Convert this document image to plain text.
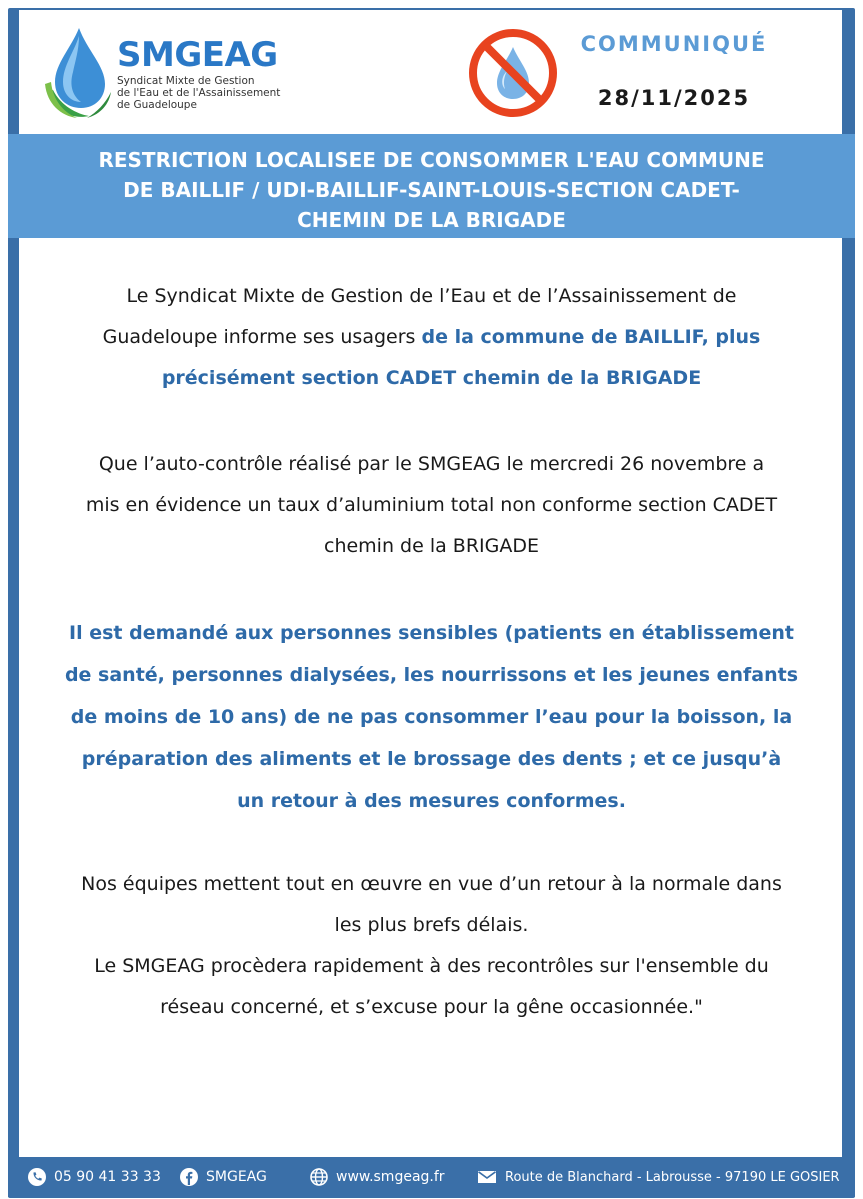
SMGEAG
Syndicat Mixte de Gestion
de l'Eau et de l'Assainissement
de Guadeloupe
COMMUNIQUÉ
28/11/2025
RESTRICTION LOCALISEE DE CONSOMMER L'EAU COMMUNE
DE BAILLIF / UDI-BAILLIF-SAINT-LOUIS-SECTION CADET-
CHEMIN DE LA BRIGADE
Le Syndicat Mixte de Gestion de l’Eau et de l’Assainissement de
Guadeloupe informe ses usagers de la commune de BAILLIF, plus
précisément section CADET chemin de la BRIGADE
Que l’auto-contrôle réalisé par le SMGEAG le mercredi 26 novembre a
mis en évidence un taux d’aluminium total non conforme section CADET
chemin de la BRIGADE
Il est demandé aux personnes sensibles (patients en établissement
de santé, personnes dialysées, les nourrissons et les jeunes enfants
de moins de 10 ans) de ne pas consommer l’eau pour la boisson, la
préparation des aliments et le brossage des dents ; et ce jusqu’à
un retour à des mesures conformes.
Nos équipes mettent tout en œuvre en vue d’un retour à la normale dans
les plus brefs délais.
Le SMGEAG procèdera rapidement à des recontrôles sur l'ensemble du
réseau concerné, et s’excuse pour la gêne occasionnée."
05 90 41 33 33	SMGEAG	www.smgeag.fr	Route de Blanchard - Labrousse - 97190 LE GOSIER
